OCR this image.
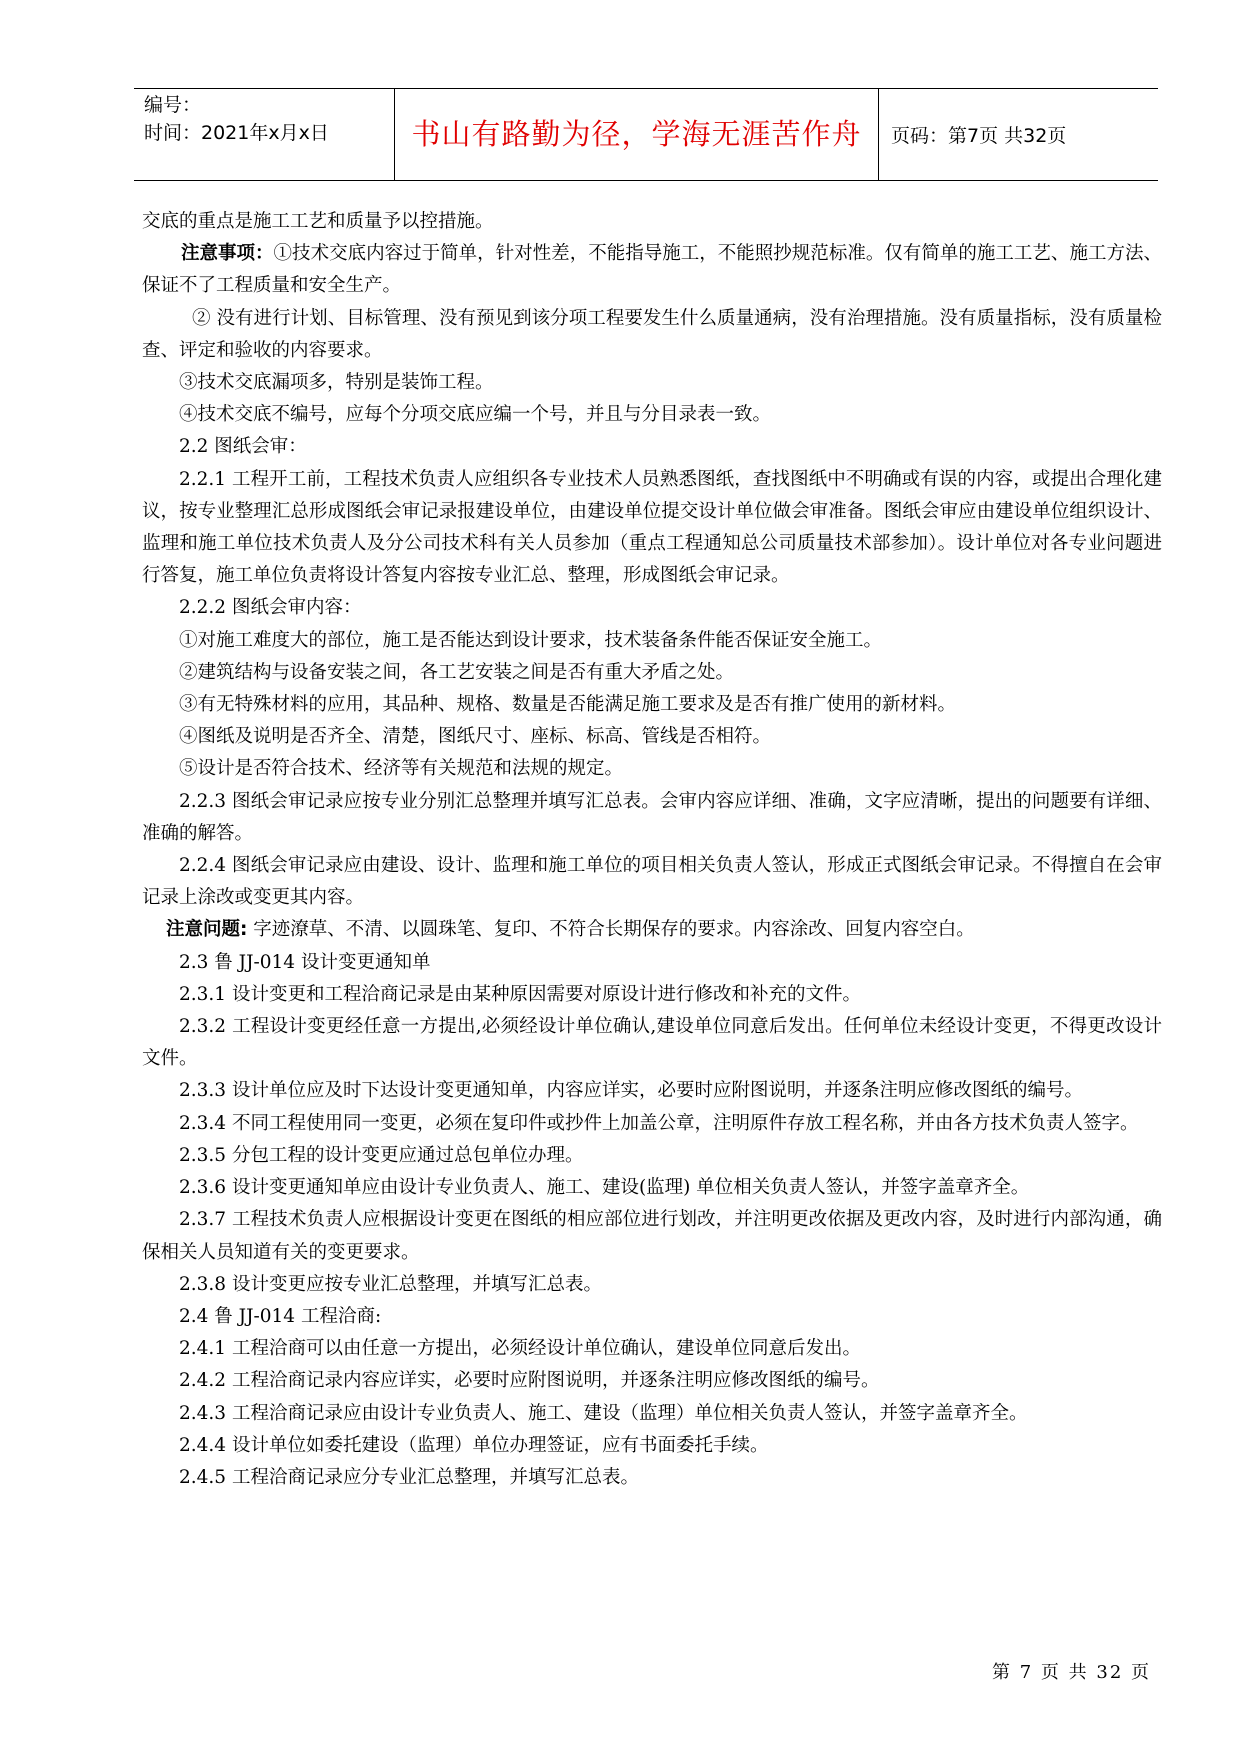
编号：
时间：2021年x月x日	书山有路勤为径，学海无涯苦作舟 页码：第7页 共32页

交底的重点是施工工艺和质量予以控措施。

注意事项：①技术交底内容过于简单，针对性差，不能指导施工，不能照抄规范标准。仅有简单的施工工艺、施工方法、保证不了工程质量和安全生产。

② 没有进行计划、目标管理、没有预见到该分项工程要发生什么质量通病，没有治理措施。没有质量指标，没有质量检查、评定和验收的内容要求。

③技术交底漏项多，特别是装饰工程。

④技术交底不编号，应每个分项交底应编一个号，并且与分目录表一致。

2.2 图纸会审：

2.2.1 工程开工前，工程技术负责人应组织各专业技术人员熟悉图纸，查找图纸中不明确或有误的内容，或提出合理化建议，按专业整理汇总形成图纸会审记录报建设单位，由建设单位提交设计单位做会审准备。图纸会审应由建设单位组织设计、监理和施工单位技术负责人及分公司技术科有关人员参加（重点工程通知总公司质量技术部参加）。设计单位对各专业问题进行答复，施工单位负责将设计答复内容按专业汇总、整理，形成图纸会审记录。

2.2.2 图纸会审内容：

①对施工难度大的部位，施工是否能达到设计要求，技术装备条件能否保证安全施工。

②建筑结构与设备安装之间，各工艺安装之间是否有重大矛盾之处。

③有无特殊材料的应用，其品种、规格、数量是否能满足施工要求及是否有推广使用的新材料。

④图纸及说明是否齐全、清楚，图纸尺寸、座标、标高、管线是否相符。

⑤设计是否符合技术、经济等有关规范和法规的规定。

2.2.3 图纸会审记录应按专业分别汇总整理并填写汇总表。会审内容应详细、准确，文字应清晰，提出的问题要有详细、准确的解答。

2.2.4 图纸会审记录应由建设、设计、监理和施工单位的项目相关负责人签认，形成正式图纸会审记录。不得擅自在会审记录上涂改或变更其内容。

注意问题: 字迹潦草、不清、以圆珠笔、复印、不符合长期保存的要求。内容涂改、回复内容空白。

2.3 鲁 JJ-014 设计变更通知单

2.3.1 设计变更和工程洽商记录是由某种原因需要对原设计进行修改和补充的文件。

2.3.2 工程设计变更经任意一方提出,必须经设计单位确认,建设单位同意后发出。任何单位未经设计变更，不得更改设计文件。

2.3.3 设计单位应及时下达设计变更通知单，内容应详实，必要时应附图说明，并逐条注明应修改图纸的编号。

2.3.4 不同工程使用同一变更，必须在复印件或抄件上加盖公章，注明原件存放工程名称，并由各方技术负责人签字。

2.3.5 分包工程的设计变更应通过总包单位办理。

2.3.6 设计变更通知单应由设计专业负责人、施工、建设(监理) 单位相关负责人签认，并签字盖章齐全。

2.3.7 工程技术负责人应根据设计变更在图纸的相应部位进行划改，并注明更改依据及更改内容，及时进行内部沟通，确保相关人员知道有关的变更要求。

2.3.8 设计变更应按专业汇总整理，并填写汇总表。

2.4 鲁 JJ-014 工程洽商:

2.4.1 工程洽商可以由任意一方提出，必须经设计单位确认，建设单位同意后发出。

2.4.2 工程洽商记录内容应详实，必要时应附图说明，并逐条注明应修改图纸的编号。

2.4.3 工程洽商记录应由设计专业负责人、施工、建设（监理）单位相关负责人签认，并签字盖章齐全。

2.4.4 设计单位如委托建设（监理）单位办理签证，应有书面委托手续。

2.4.5 工程洽商记录应分专业汇总整理，并填写汇总表。

第 7 页 共 32 页
